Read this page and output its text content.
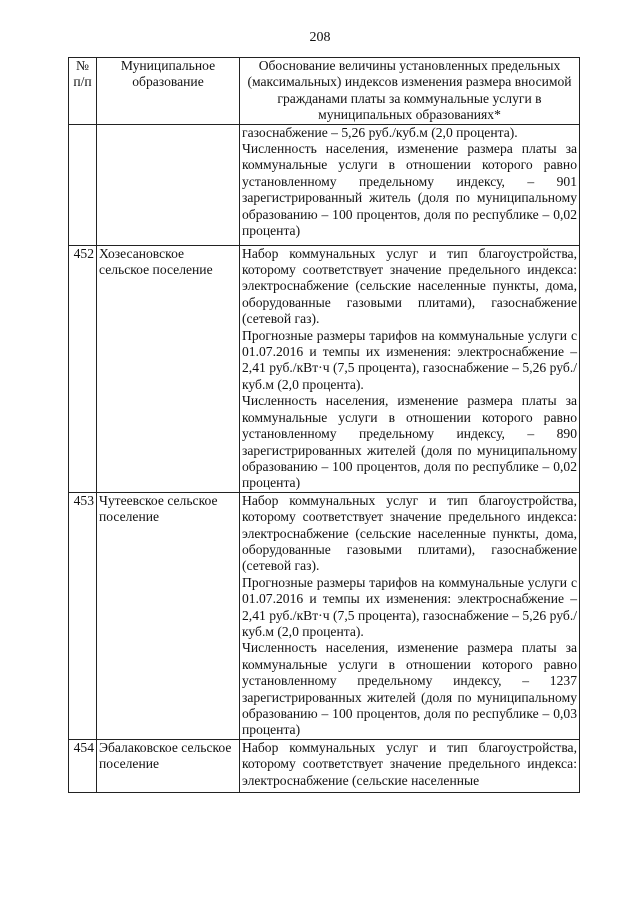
208
№ п/п	Муниципальное образование	Обоснование величины установленных предельных (максимальных) индексов изменения размера вносимой гражданами платы за коммунальные услуги в муниципальных образованиях*

		газоснабжение – 5,26 руб./куб.м (2,0 процента).

Численность населения, изменение размера платы за коммунальные услуги в отношении которого равно установленному предельному индексу, – 901 зарегистрированный житель (доля по муниципальному образованию – 100 процентов, доля по республике – 0,02 процента)

452	Хозесановское сельское поселение	Набор коммунальных услуг и тип благоустройства, которому соответствует значение предельного индекса: электроснабжение (сельские населенные пункты, дома, оборудованные газовыми плитами), газоснабжение (сетевой газ).

Прогнозные размеры тарифов на коммунальные услуги с 01.07.2016 и темпы их изменения: электроснабжение – 2,41 руб./кВт·ч (7,5 процента), газоснабжение – 5,26 руб./куб.м (2,0 процента).

Численность населения, изменение размера платы за коммунальные услуги в отношении которого равно установленному предельному индексу, – 890 зарегистрированных жителей (доля по муниципальному образованию – 100 процентов, доля по республике – 0,02 процента)

453	Чутеевское сельское поселение	Набор коммунальных услуг и тип благоустройства, которому соответствует значение предельного индекса: электроснабжение (сельские населенные пункты, дома, оборудованные газовыми плитами), газоснабжение (сетевой газ).

Прогнозные размеры тарифов на коммунальные услуги с 01.07.2016 и темпы их изменения: электроснабжение – 2,41 руб./кВт·ч (7,5 процента), газоснабжение – 5,26 руб./куб.м (2,0 процента).

Численность населения, изменение размера платы за коммунальные услуги в отношении которого равно установленному предельному индексу, – 1237 зарегистрированных жителей (доля по муниципальному образованию – 100 процентов, доля по республике – 0,03 процента)

454	Эбалаковское сельское поселение	Набор коммунальных услуг и тип благоустройства, которому соответствует значение предельного индекса: электроснабжение (сельские населенные
